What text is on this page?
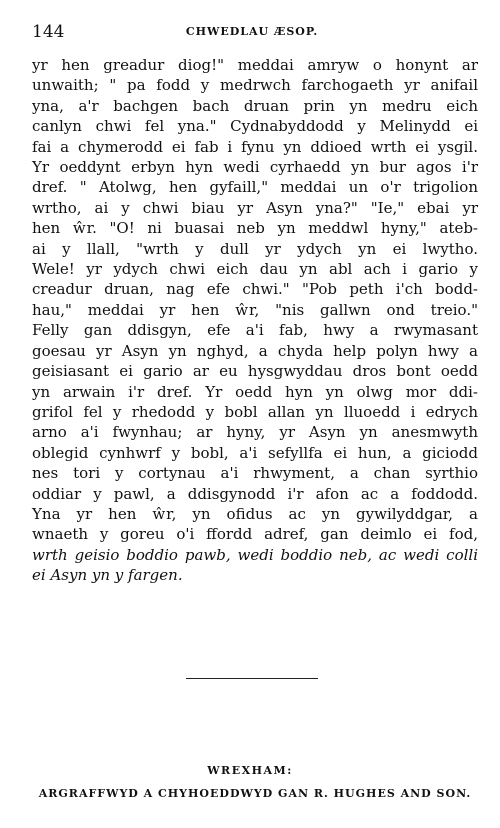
144	CHWEDLAU ÆSOP.
yr hen greadur diog!" meddai amryw o honynt ar
unwaith; " pa fodd y medrwch farchogaeth yr anifail
yna, a'r bachgen bach druan prin yn medru eich
canlyn chwi fel yna." Cydnabyddodd y Melinydd ei
fai a chymerodd ei fab i fynu yn ddioed wrth ei ysgil.
Yr oeddynt erbyn hyn wedi cyrhaedd yn bur agos i'r
dref. " Atolwg, hen gyfaill," meddai un o'r trigolion
wrtho, ai y chwi biau yr Asyn yna?" "Ie," ebai yr
hen ŵr. "O! ni buasai neb yn meddwl hyny," ateb-
ai y llall, "wrth y dull yr ydych yn ei lwytho.
Wele! yr ydych chwi eich dau yn abl ach i gario y
creadur druan, nag efe chwi." "Pob peth i'ch bodd-
hau," meddai yr hen ŵr, "nis gallwn ond treio."
Felly gan ddisgyn, efe a'i fab, hwy a rwymasant
goesau yr Asyn yn nghyd, a chyda help polyn hwy a
geisiasant ei gario ar eu hysgwyddau dros bont oedd
yn arwain i'r dref. Yr oedd hyn yn olwg mor ddi-
grifol fel y rhedodd y bobl allan yn lluoedd i edrych
arno a'i fwynhau; ar hyny, yr Asyn yn anesmwyth
oblegid cynhwrf y bobl, a'i sefyllfa ei hun, a giciodd
nes tori y cortynau a'i rhwyment, a chan syrthio
oddiar y pawl, a ddisgynodd i'r afon ac a foddodd.
Yna yr hen ŵr, yn ofidus ac yn gywilyddgar, a
wnaeth y goreu o'i ffordd adref, gan deimlo ei fod,
wrth geisio boddio pawb, wedi boddio neb, ac wedi colli
ei Asyn yn y fargen.
WREXHAM:
ARGRAFFWYD A CHYHOEDDWYD GAN R. HUGHES AND SON.
